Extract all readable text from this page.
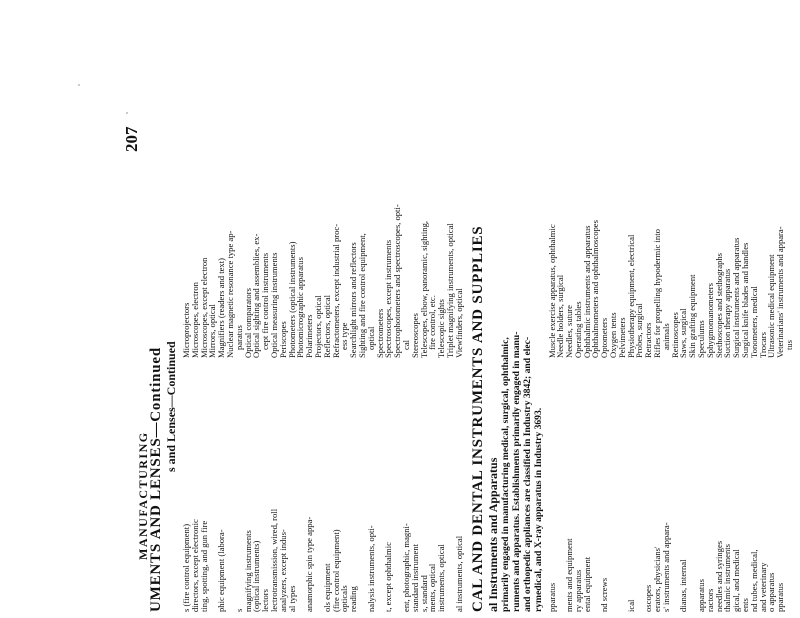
MANUFACTURING
207
UMENTS AND LENSES—Continued s and Lenses—Continued
s (fire control equipment)
directors, except electronic
ting, spotting, and gun fire
phic equipment (labora-
s
magnifying instruments
(optical instruments)
lectors
lectrotransmission, wired, roll
analyzers, except indus-
al types
anamorphic spin type appa-
ols equipment
(fire control equipment)
opticals
reading
nalysis instruments, opti-
t, except ophthalmic
ent, photographic, magni-
standard instrument
s, standard
ments, optical
instruments, optical
al instruments, optical
Microprojectors
Microscopes, electron
Microscopes, except electron
Mirrors, optical
Magnifiers (readers and text)
Nuclear magnetic resonance type ap-
paratus
Optical comparators
Optical sighting and assemblies, ex-
cept fire control instruments
Optical measuring instruments
Periscopes
Photometers (optical instruments)
Photomicrographic apparatus
Polarimeters
Projectors, optical
Reflectors, optical
Refractometers, except industrial proc-
ess type
Searchlight mirrors and reflectors
Sighting and fire control equipment,
optical
Spectrometers
Spectroscopes, except instruments
Spectrophotometers and spectroscopes, opti-
cal
Stereoscopes
Telescopes, elbow, panoramic, sighting,
fire control, etc.
Telescopic sights
Triplet magnifying instruments, optical
Viewfinders, optical CAL AND DENTAL INSTRUMENTS AND SUPPLIES al Instruments and Apparatus primarily engaged in manufacturing medical, surgical, ophthalmic, ruments and apparatus. Establishments primarily engaged in manu- and orthopedic appliances are classified in Industry 3842; and elec- rymedical, and X-ray apparatus in Industry 3693. pparatus
ments and equipment
ry apparatus
ental equipment
nd screws

ical
oscopes
erators, physicians'
s' instruments and appara-
dianas, internal
apparatus
ractors
needles and syringes
thalmic instruments
gical, and medical
ents
nd tubes, medical,
and veterinary
o apparatus
pparatus
Muscle exercise apparatus, ophthalmic
Needle holders, surgical
Needles, suture
Operating tables
Ophthalmic instruments and apparatus
Ophthalmometers and ophthalmoscopes
Optometers
Oxygen tents
Pelvimeters
Physiotherapy equipment, electrical
Probes, surgical
Retractors
Rifles for propelling hypodermic into
animals
Retinoscopes
Saws, surgical
Skin grafting equipment
Speculums
Sphygmomanometers
Stethoscopes and stethographs
Suction therapy apparatus
Surgical instruments and apparatus
Surgical knife blades and handles
Tonometers, medical
Trocars
Ultrasonic medical equipment
Veterinarians' instruments and appara-
tus
